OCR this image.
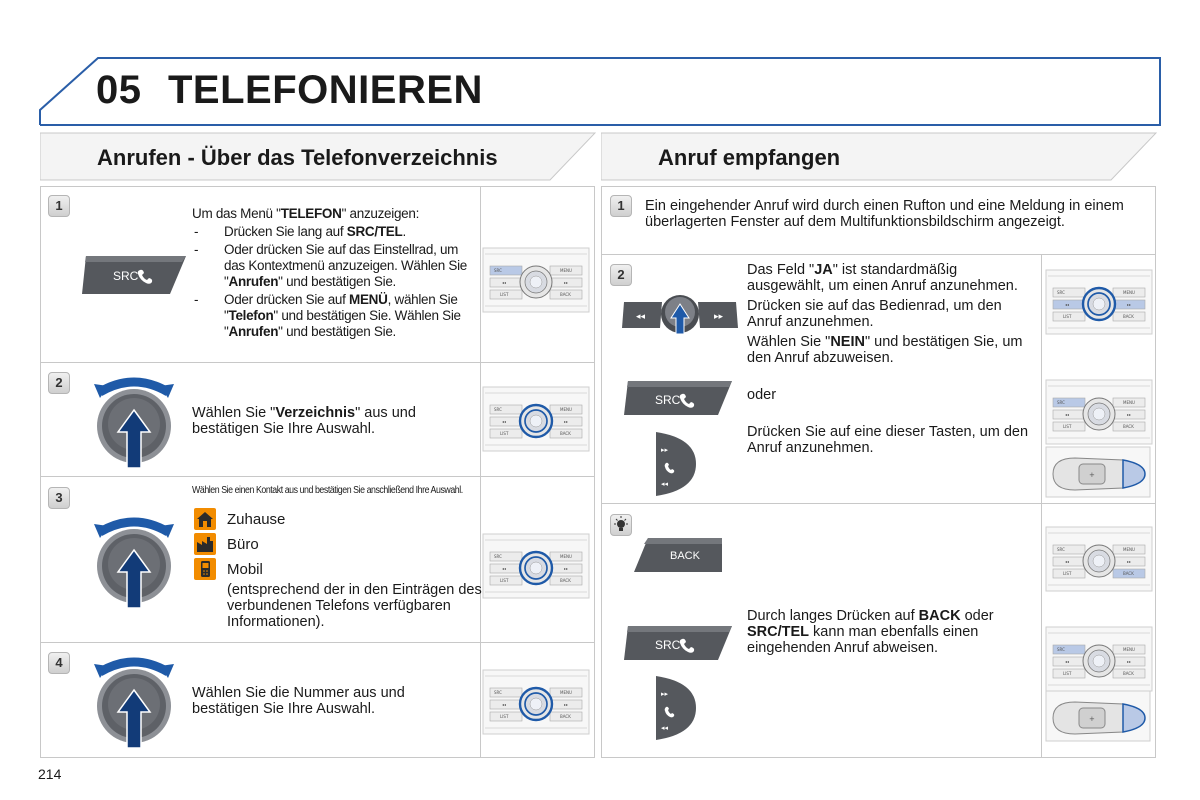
05 TELEFONIEREN
Anrufen - Über das Telefonverzeichnis	Anruf empfangen
1
SRC
Um das Menü "TELEFON" anzuzeigen:
- Drücken Sie lang auf SRC/TEL.
- Oder drücken Sie auf das Einstellrad, um das Kontextmenü anzuzeigen. Wählen Sie "Anrufen" und bestätigen Sie.
- Oder drücken Sie auf MENÜ, wählen Sie "Telefon" und bestätigen Sie. Wählen Sie "Anrufen" und bestätigen Sie.
SRC
◂◂	▸▸
LIST
MENU
BACK
2
Wählen Sie "Verzeichnis" aus und bestätigen Sie Ihre Auswahl.
SRC
◂◂	▸▸
LIST
MENU
BACK
3	Wählen Sie einen Kontakt aus und bestätigen Sie anschließend Ihre Auswahl.
Zuhause
Büro
Mobil
(entsprechend der in den Einträgen des verbundenen Telefons verfügbaren Informationen).
SRC
◂◂	▸▸
LIST
MENU
BACK
4
Wählen Sie die Nummer aus und bestätigen Sie Ihre Auswahl.
SRC
◂◂	▸▸
LIST
MENU
BACK
1	Ein eingehender Anruf wird durch einen Rufton und eine Meldung in einem überlagerten Fenster auf dem Multifunktionsbildschirm angezeigt.
2
◂◂	▸▸
Das Feld "JA" ist standardmäßig ausgewählt, um einen Anruf anzunehmen.
Drücken sie auf das Bedienrad, um den Anruf anzunehmen.
Wählen Sie "NEIN" und bestätigen Sie, um den Anruf abzuweisen.
SRC
◂◂	▸▸
LIST
MENU
BACK
SRC	oder	SRC
◂◂	▸▸
LIST
MENU
BACK
▸▸
◂◂
Drücken Sie auf eine dieser Tasten, um den Anruf anzunehmen.
+
BACK
SRC
◂◂	▸▸
LIST
MENU
BACK
SRC
Durch langes Drücken auf BACK oder SRC/TEL kann man ebenfalls einen eingehenden Anruf abweisen.	SRC
◂◂	▸▸
LIST
MENU
BACK
▸▸
◂◂
+
214
